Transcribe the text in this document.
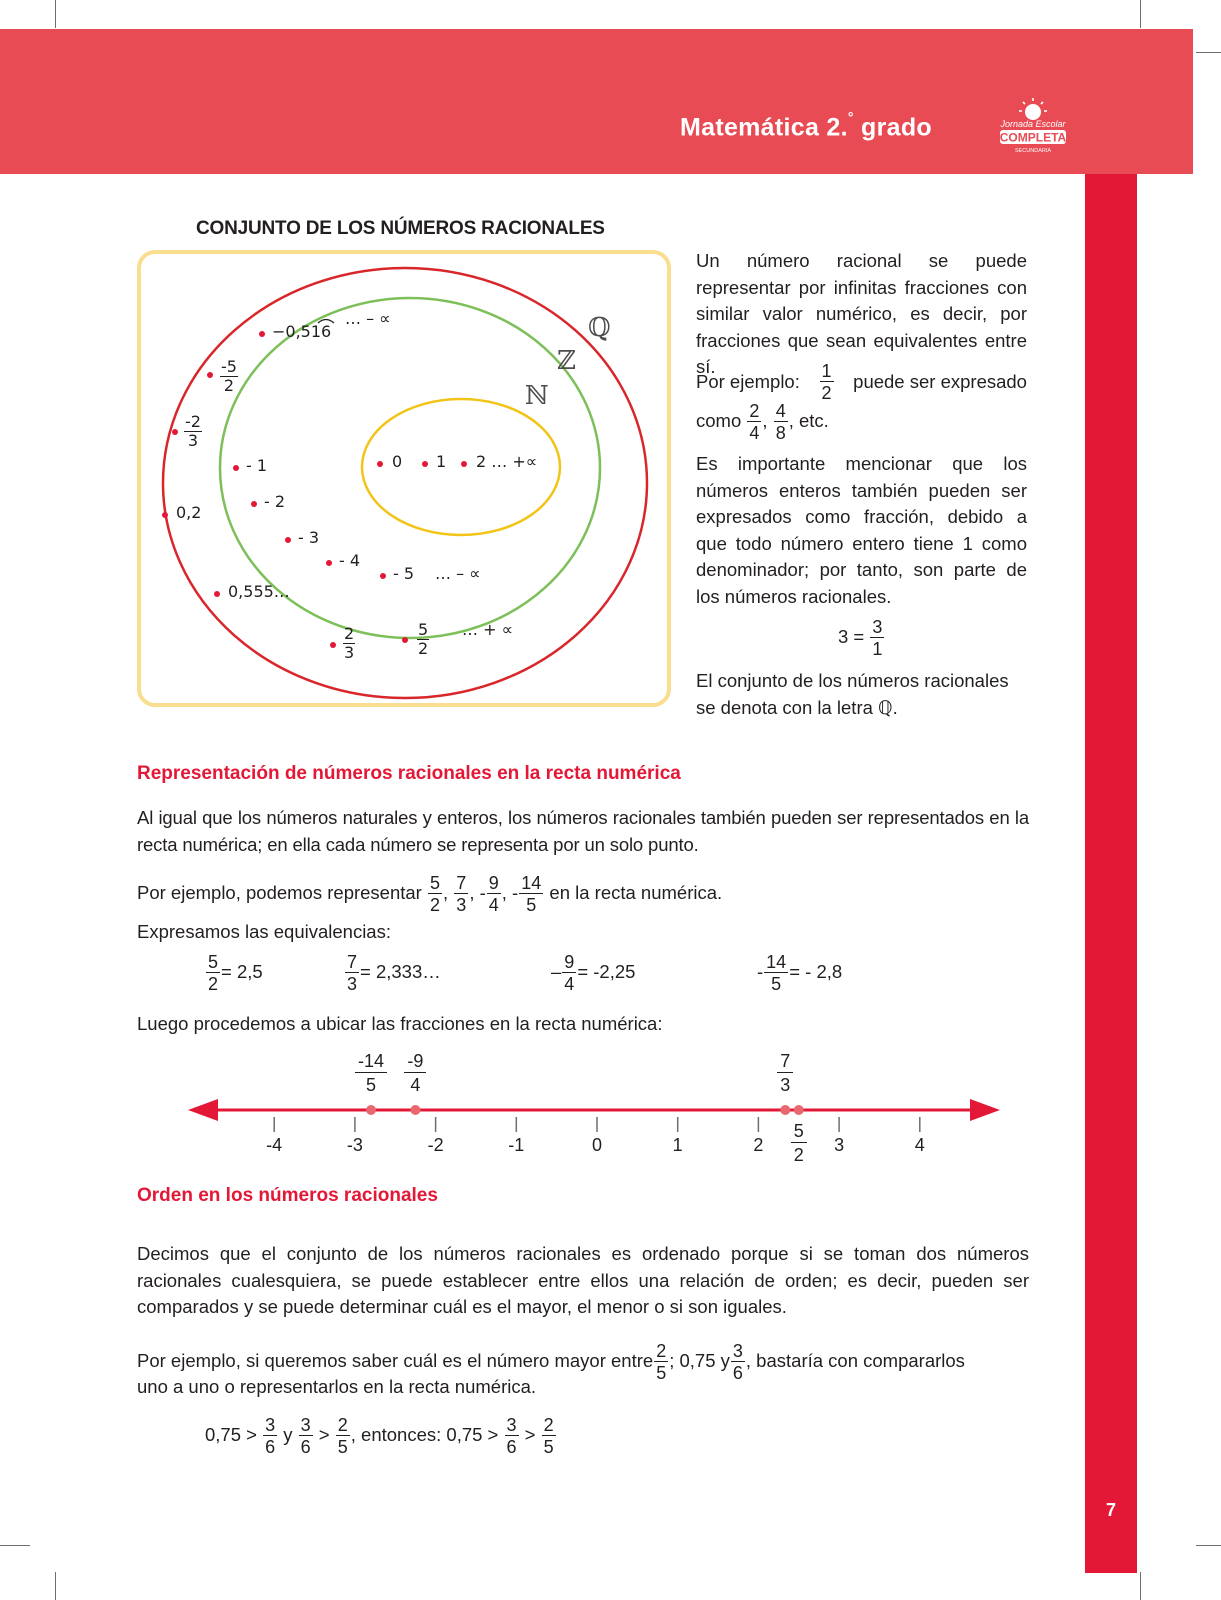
Matemática 2.° grado	Jornada Escolar
COMPLETA
SECUNDARIA
7
CONJUNTO DE LOS NÚMEROS RACIONALES
ℚ
ℤ
ℕ
0 1 2 … +∝
- 1
- 2
- 3
- 4
- 5 … – ∝
−0,516
… – ∝
$\frac{-5}{2}$
$\frac{-2}{3}$
0,2
0,555…
$\frac{2}{3}$	$\frac{5}{2}$ … + ∝
Un número racional se puede representar por infinitas fracciones con similar valor numérico, es decir, por fracciones que sean equivalentes entre sí.
Por ejemplo: $\frac{1}{2}$ puede ser expresado
como $\frac{2}{4}$ , $\frac{4}{8}$ , etc.
Es importante mencionar que los números enteros también pueden ser expresados como fracción, debido a que todo número entero tiene 1 como denominador; por tanto, son parte de los números racionales.
$3 = \frac{3}{1}$
El conjunto de los números racionales
se denota con la letra ℚ.
Representación de números racionales en la recta numérica
Al igual que los números naturales y enteros, los números racionales también pueden ser representados en la recta numérica; en ella cada número se representa por un solo punto.
Por ejemplo, podemos representar $\frac{5}{2}$ , $\frac{7}{3}$ , - $\frac{9}{4}$ , - $\frac{14}{5}$ en la recta numérica.
Expresamos las equivalencias:
$\frac{5}{2} = 2,5$	$\frac{7}{3}$ = 2,333…	– $\frac{9}{4} = -2,25$	- $\frac{14}{5}$ = - 2,8
Luego procedemos a ubicar las fracciones en la recta numérica:
-4	-3	-2	-1	0	1	2	3	4
$\frac{-14}{5} \frac{-9}{4}$	$\frac{7}{3}$
$\frac{5}{2}$
Orden en los números racionales
Decimos que el conjunto de los números racionales es ordenado porque si se toman dos números racionales cualesquiera, se puede establecer entre ellos una relación de orden; es decir, pueden ser comparados y se puede determinar cuál es el mayor, el menor o si son iguales.
Por ejemplo, si queremos saber cuál es el número mayor entre $\frac{2}{5}$ ; 0,75 y $\frac{3}{6}$ , bastaría con compararlos
uno a uno o representarlos en la recta numérica.
$0,75 > \frac{3}{6}$ y $\frac{3}{6} > \frac{2}{5}$ , entonces: $0,75 > \frac{3}{6} > \frac{2}{5}$
